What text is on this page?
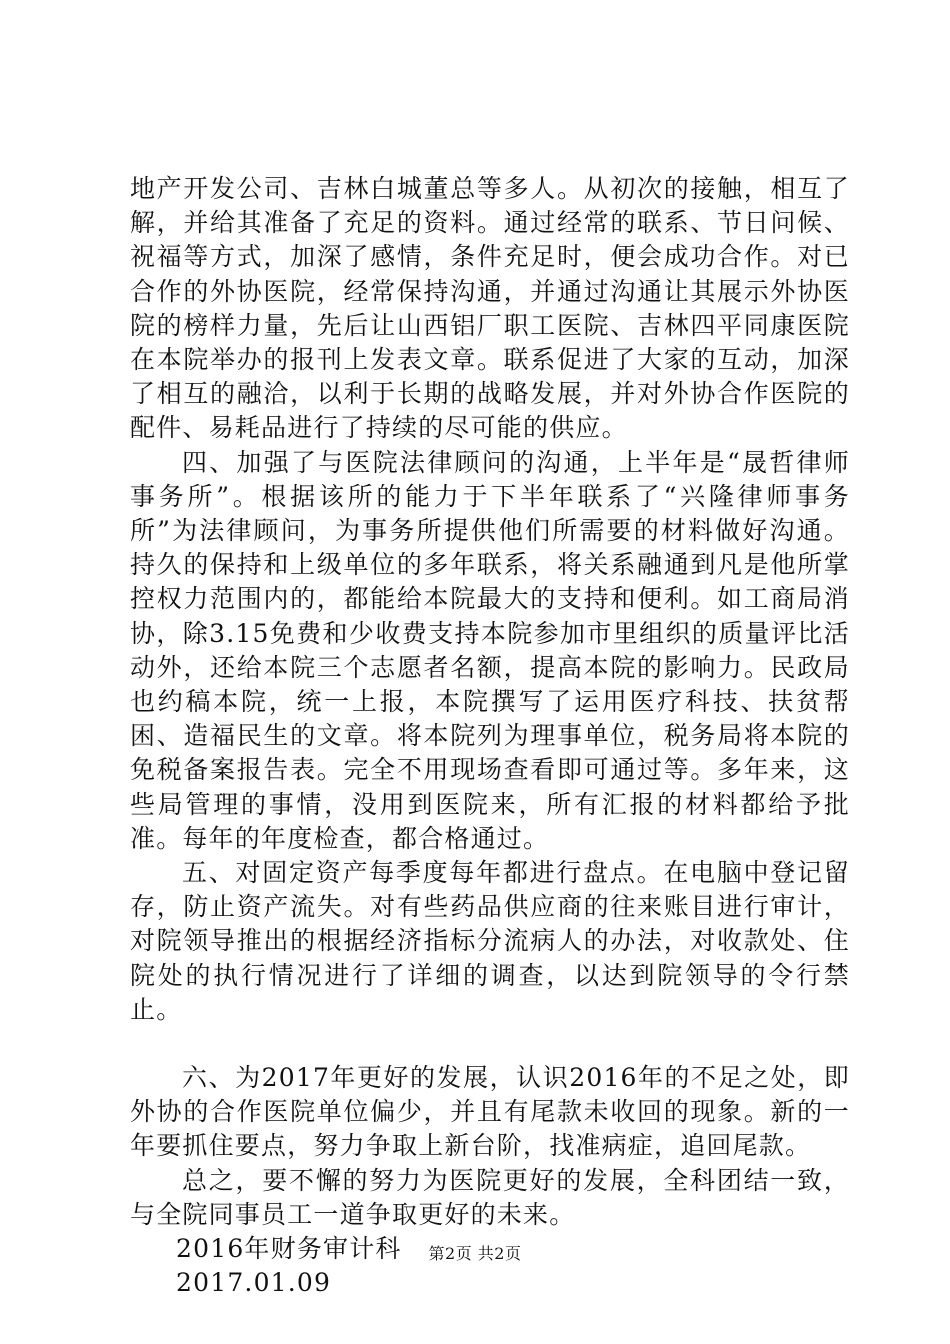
地产开发公司、吉林白城董总等多人。从初次的接触，相互了解，并给其准备了充足的资料。通过经常的联系、节日问候、祝福等方式，加深了感情，条件充足时，便会成功合作。对已合作的外协医院，经常保持沟通，并通过沟通让其展示外协医院的榜样力量，先后让山西铝厂职工医院、吉林四平同康医院在本院举办的报刊上发表文章。联系促进了大家的互动，加深了相互的融洽，以利于长期的战略发展，并对外协合作医院的配件、易耗品进行了持续的尽可能的供应。

四、加强了与医院法律顾问的沟通，上半年是“晟哲律师事务所”。根据该所的能力于下半年联系了“兴隆律师事务所”为法律顾问，为事务所提供他们所需要的材料做好沟通。持久的保持和上级单位的多年联系，将关系融通到凡是他所掌控权力范围内的，都能给本院最大的支持和便利。如工商局消协，除3.15免费和少收费支持本院参加市里组织的质量评比活动外，还给本院三个志愿者名额，提高本院的影响力。民政局也约稿本院，统一上报，本院撰写了运用医疗科技、扶贫帮困、造福民生的文章。将本院列为理事单位，税务局将本院的免税备案报告表。完全不用现场查看即可通过等。多年来，这些局管理的事情，没用到医院来，所有汇报的材料都给予批准。每年的年度检查，都合格通过。

五、对固定资产每季度每年都进行盘点。在电脑中登记留存，防止资产流失。对有些药品供应商的往来账目进行审计，对院领导推出的根据经济指标分流病人的办法，对收款处、住院处的执行情况进行了详细的调查，以达到院领导的令行禁止。

六、为2017年更好的发展，认识2016年的不足之处，即外协的合作医院单位偏少，并且有尾款未收回的现象。新的一年要抓住要点，努力争取上新台阶，找准病症，追回尾款。

总之，要不懈的努力为医院更好的发展，全科团结一致，与全院同事员工一道争取更好的未来。

2016年财务审计科

2017.01.09

第2页 共2页
